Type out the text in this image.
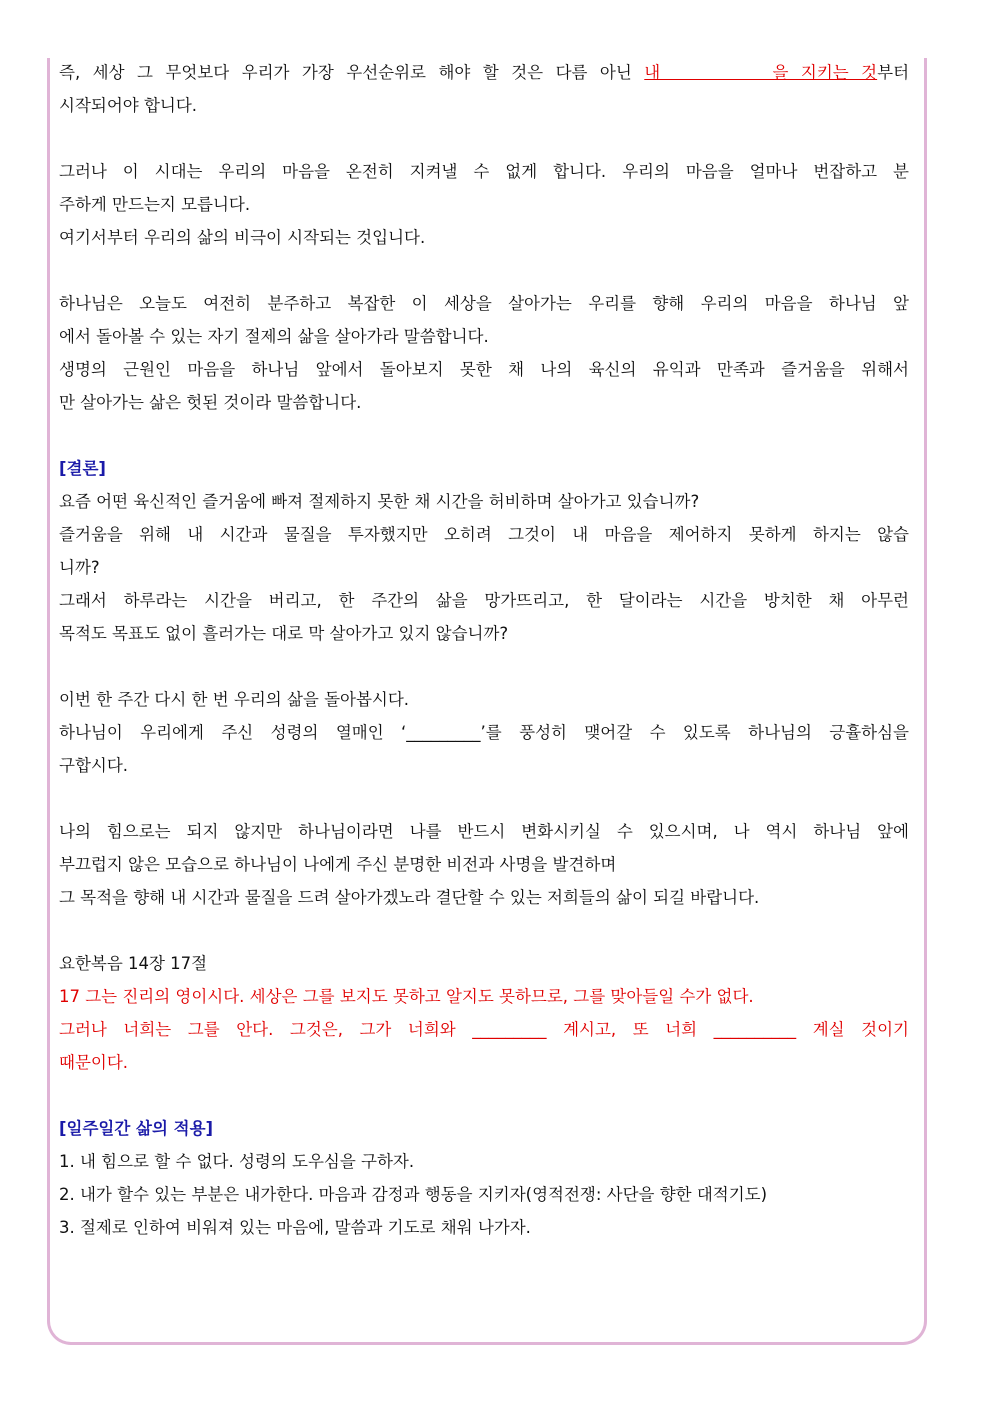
즉, 세상 그 무엇보다 우리가 가장 우선순위로 해야 할 것은 다름 아닌 내         을 지키는 것부터
시작되어야 합니다.
그러나 이 시대는 우리의 마음을 온전히 지켜낼 수 없게 합니다. 우리의 마음을 얼마나 번잡하고 분
주하게 만드는지 모릅니다.
여기서부터 우리의 삶의 비극이 시작되는 것입니다.
하나님은 오늘도 여전히 분주하고 복잡한 이 세상을 살아가는 우리를 향해 우리의 마음을 하나님 앞
에서 돌아볼 수 있는 자기 절제의 삶을 살아가라 말씀합니다.
생명의 근원인 마음을 하나님 앞에서 돌아보지 못한 채 나의 육신의 유익과 만족과 즐거움을 위해서
만 살아가는 삶은 헛된 것이라 말씀합니다.
[결론]
요즘 어떤 육신적인 즐거움에 빠져 절제하지 못한 채 시간을 허비하며 살아가고 있습니까?
즐거움을 위해 내 시간과 물질을 투자했지만 오히려 그것이 내 마음을 제어하지 못하게 하지는 않습
니까?
그래서 하루라는 시간을 버리고, 한 주간의 삶을 망가뜨리고, 한 달이라는 시간을 방치한 채 아무런
목적도 목표도 없이 흘러가는 대로 막 살아가고 있지 않습니까?
이번 한 주간 다시 한 번 우리의 삶을 돌아봅시다.
하나님이 우리에게 주신 성령의 열매인 ‘_________’를 풍성히 맺어갈 수 있도록 하나님의 긍휼하심을
구합시다.
나의 힘으로는 되지 않지만 하나님이라면 나를 반드시 변화시키실 수 있으시며, 나 역시 하나님 앞에
부끄럽지 않은 모습으로 하나님이 나에게 주신 분명한 비전과 사명을 발견하며
그 목적을 향해 내 시간과 물질을 드려 살아가겠노라 결단할 수 있는 저희들의 삶이 되길 바랍니다.
요한복음 14장 17절
17 그는 진리의 영이시다. 세상은 그를 보지도 못하고 알지도 못하므로, 그를 맞아들일 수가 없다.
그러나 너희는 그를 안다. 그것은, 그가 너희와 _________ 계시고, 또 너희 __________ 계실 것이기
때문이다.
[일주일간 삶의 적용]
1. 내 힘으로 할 수 없다. 성령의 도우심을 구하자.
2. 내가 할수 있는 부분은 내가한다. 마음과 감정과 행동을 지키자(영적전쟁: 사단을 향한 대적기도)
3. 절제로 인하여 비워져 있는 마음에, 말씀과 기도로 채워 나가자.
